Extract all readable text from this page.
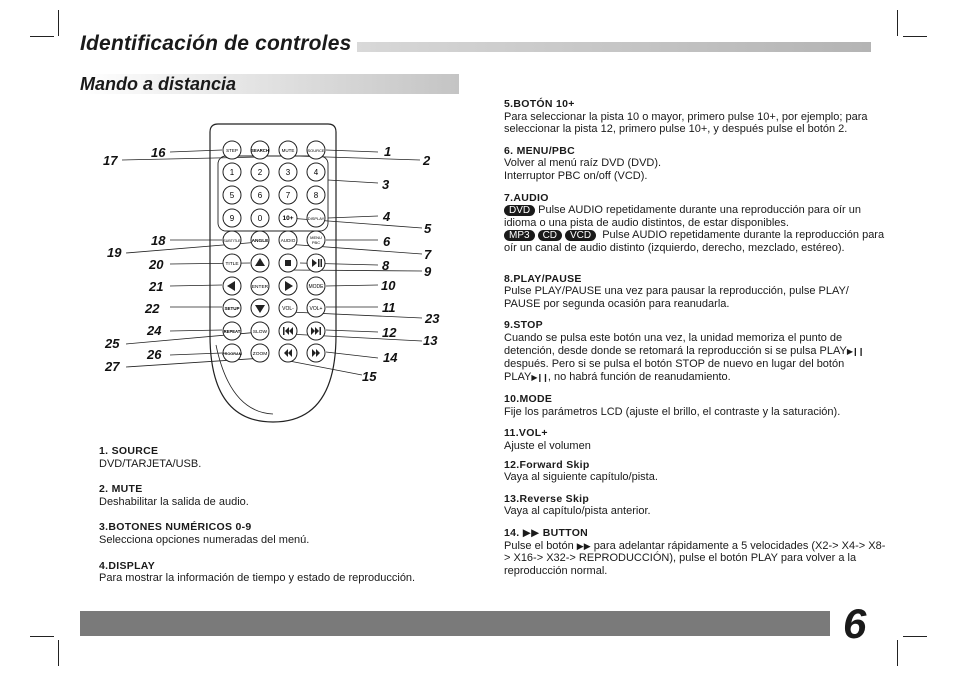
Identificación de controles
Mando a distancia
STEP	SEARCH	MUTE	SOURCE
1	2	3	4
5	6	7	8
9	0	10+	DISPLAY
SUBTITLE ANGLE	AUDIO
MENU
PBC
TITLE
ENTER	MODE
SETUP	VOL-	VOL+
REPEAT	SLOW
PROGRAM ZOOM
1
2
3
4
5
6
7
8	9
10
11
12
13
14
15
16
17
18
19
20
21
22
23
24
25
26
27
1. SOURCE

DVD/TARJETA/USB.

2. MUTE

Deshabilitar la salida de audio.

3.BOTONES NUMÉRICOS 0-9

Selecciona opciones numeradas del menú.

4.DISPLAY

Para mostrar la información de tiempo y estado de reproducción.

5.BOTÓN 10+

Para seleccionar la pista 10 o mayor, primero pulse 10+, por ejemplo; para seleccionar la pista 12, primero pulse 10+, y después pulse el botón 2.

6. MENU/PBC

Volver al menú raíz DVD (DVD).

Interruptor PBC on/off (VCD).

7.AUDIO

DVD Pulse AUDIO repetidamente durante una reproducción para oír un idioma o una pista de audio distintos, de estar disponibles.

MP3 CD VCD Pulse AUDIO repetidamente durante la reproducción para oír un canal de audio distinto (izquierdo, derecho, mezclado, estéreo).

8.PLAY/PAUSE

Pulse PLAY/PAUSE una vez para pausar la reproducción, pulse PLAY/ PAUSE por segunda ocasión para reanudarla.

9.STOP

Cuando se pulsa este botón una vez, la unidad memoriza el punto de detención, desde donde se retomará la reproducción si se pulsa PLAY▶❙❙ después. Pero si se pulsa el botón STOP de nuevo en lugar del botón PLAY▶❙❙, no habrá función de reanudamiento.

10.MODE

Fije los parámetros LCD (ajuste el brillo, el contraste y la saturación).

11.VOL+

Ajuste el volumen

12.Forward Skip

Vaya al siguiente capítulo/pista.

13.Reverse Skip

Vaya al capítulo/pista anterior.

14. ▶▶ BUTTON

Pulse el botón ▶▶ para adelantar rápidamente a 5 velocidades (X2-> X4-> X8-> X16-> X32-> REPRODUCCIÓN), pulse el botón PLAY para volver a la reproducción normal.

6
